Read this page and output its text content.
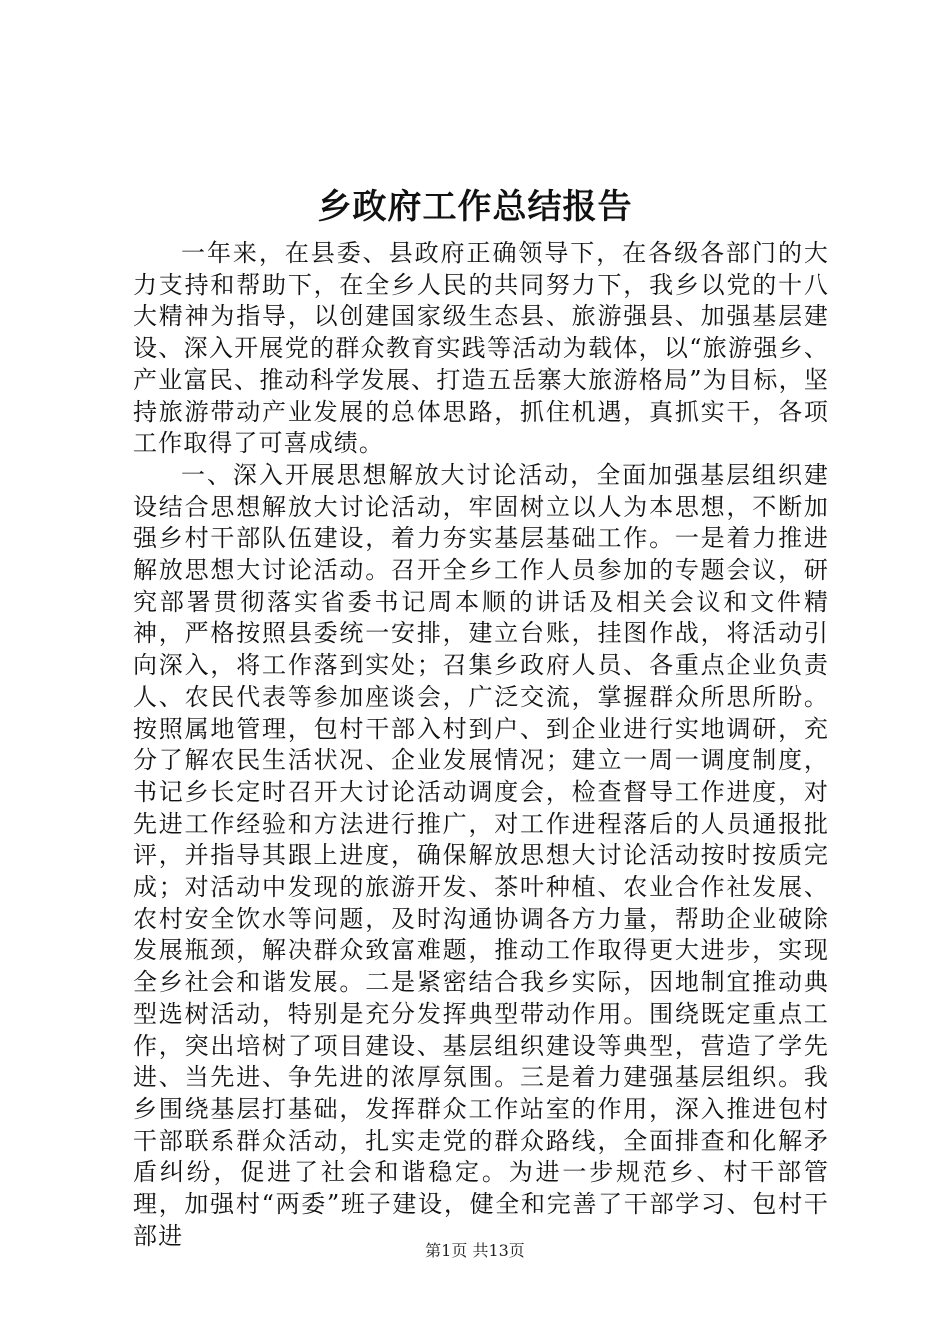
乡政府工作总结报告

一年来，在县委、县政府正确领导下，在各级各部门的大力支持和帮助下，在全乡人民的共同努力下，我乡以党的十八大精神为指导，以创建国家级生态县、旅游强县、加强基层建设、深入开展党的群众教育实践等活动为载体，以“旅游强乡、产业富民、推动科学发展、打造五岳寨大旅游格局”为目标，坚持旅游带动产业发展的总体思路，抓住机遇，真抓实干，各项工作取得了可喜成绩。

一、深入开展思想解放大讨论活动，全面加强基层组织建设结合思想解放大讨论活动，牢固树立以人为本思想，不断加强乡村干部队伍建设，着力夯实基层基础工作。一是着力推进解放思想大讨论活动。召开全乡工作人员参加的专题会议，研究部署贯彻落实省委书记周本顺的讲话及相关会议和文件精神，严格按照县委统一安排，建立台账，挂图作战，将活动引向深入，将工作落到实处；召集乡政府人员、各重点企业负责人、农民代表等参加座谈会，广泛交流，掌握群众所思所盼。按照属地管理，包村干部入村到户、到企业进行实地调研，充分了解农民生活状况、企业发展情况；建立一周一调度制度，书记乡长定时召开大讨论活动调度会，检查督导工作进度，对先进工作经验和方法进行推广，对工作进程落后的人员通报批评，并指导其跟上进度，确保解放思想大讨论活动按时按质完成；对活动中发现的旅游开发、茶叶种植、农业合作社发展、农村安全饮水等问题，及时沟通协调各方力量，帮助企业破除发展瓶颈，解决群众致富难题，推动工作取得更大进步，实现全乡社会和谐发展。二是紧密结合我乡实际，因地制宜推动典型选树活动，特别是充分发挥典型带动作用。围绕既定重点工作，突出培树了项目建设、基层组织建设等典型，营造了学先进、当先进、争先进的浓厚氛围。三是着力建强基层组织。我乡围绕基层打基础，发挥群众工作站室的作用，深入推进包村干部联系群众活动，扎实走党的群众路线，全面排查和化解矛盾纠纷，促进了社会和谐稳定。为进一步规范乡、村干部管理，加强村“两委”班子建设，健全和完善了干部学习、包村干部进

第1页 共13页
